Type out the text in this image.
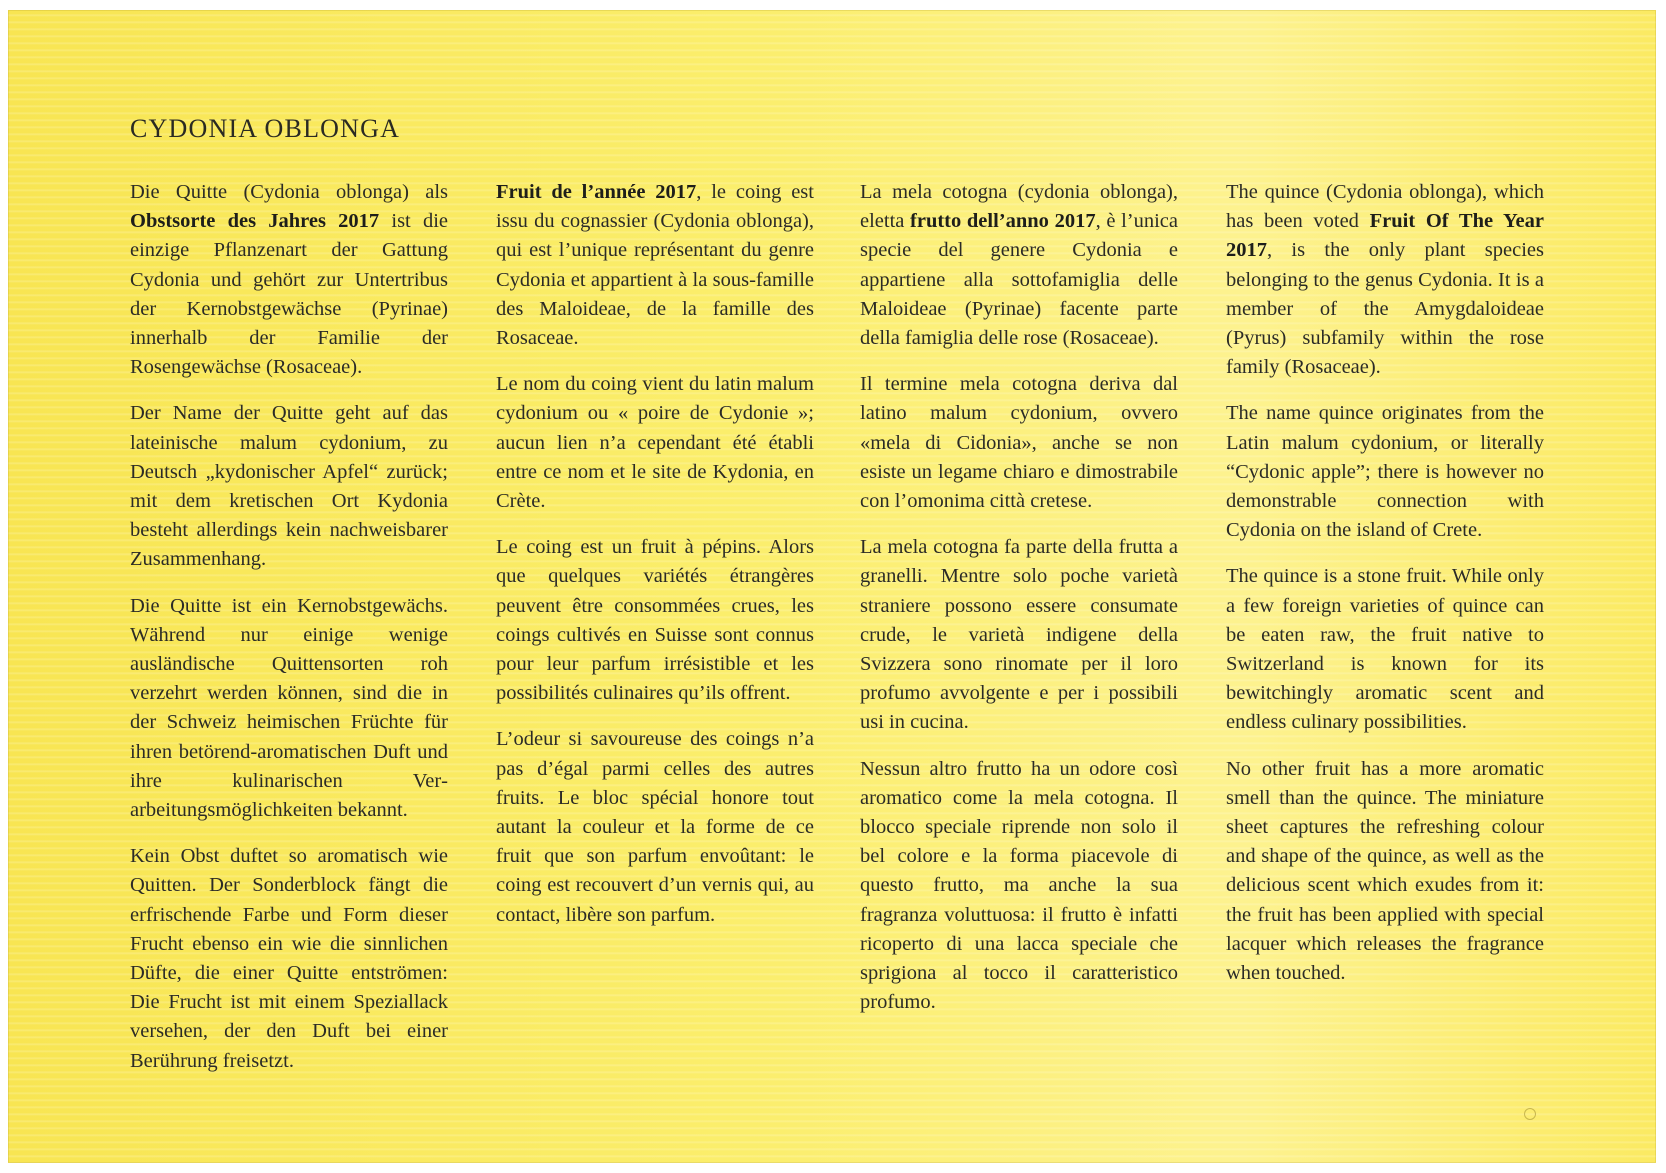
CYDONIA OBLONGA

Die Quitte (Cydonia oblonga) als Obstsorte des Jahres 2017 ist die einzige Pflanzenart der Gattung Cydonia und gehört zur Untertribus der Kernobstgewächse (Pyrinae) innerhalb der Familie der Rosengewächse (Rosaceae).

Der Name der Quitte geht auf das lateinische malum cydonium, zu Deutsch „kydonischer Apfel“ zurück; mit dem kretischen Ort Kydonia besteht allerdings kein nachweisbarer Zusammenhang.

Die Quitte ist ein Kernobstgewächs. Während nur einige wenige ausländische Quittensorten roh verzehrt werden können, sind die in der Schweiz heimischen Früchte für ihren betörend-aromatischen Duft und ihre kulinarischen Verarbeitungsmöglichkeiten bekannt.

Kein Obst duftet so aromatisch wie Quitten. Der Sonderblock fängt die erfrischende Farbe und Form dieser Frucht ebenso ein wie die sinnlichen Düfte, die einer Quitte entströmen: Die Frucht ist mit einem Speziallack versehen, der den Duft bei einer Berührung freisetzt.

Fruit de l’année 2017, le coing est issu du cognassier (Cydonia oblonga), qui est l’unique représentant du genre Cydonia et appartient à la sous-famille des Maloideae, de la famille des Rosaceae.

Le nom du coing vient du latin malum cydonium ou « poire de Cydonie »; aucun lien n’a cependant été établi entre ce nom et le site de Kydonia, en Crète.

Le coing est un fruit à pépins. Alors que quelques variétés étrangères peuvent être consommées crues, les coings cultivés en Suisse sont connus pour leur parfum irrésistible et les possibilités culinaires qu’ils offrent.

L’odeur si savoureuse des coings n’a pas d’égal parmi celles des autres fruits. Le bloc spécial honore tout autant la couleur et la forme de ce fruit que son parfum envoûtant: le coing est recouvert d’un vernis qui, au contact, libère son parfum.

La mela cotogna (cydonia oblonga), eletta frutto dell’anno 2017, è l’unica specie del genere Cydonia e appartiene alla sottofamiglia delle Maloideae (Pyrinae) facente parte della famiglia delle rose (Rosaceae).

Il termine mela cotogna deriva dal latino malum cydonium, ovvero «mela di Cidonia», anche se non esiste un legame chiaro e dimostrabile con l’omonima città cretese.

La mela cotogna fa parte della frutta a granelli. Mentre solo poche varietà straniere possono essere consumate crude, le varietà indigene della Svizzera sono rinomate per il loro profumo avvolgente e per i possibili usi in cucina.

Nessun altro frutto ha un odore così aromatico come la mela cotogna. Il blocco speciale riprende non solo il bel colore e la forma piacevole di questo frutto, ma anche la sua fragranza voluttuosa: il frutto è infatti ricoperto di una lacca speciale che sprigiona al tocco il caratteristico profumo.

The quince (Cydonia oblonga), which has been voted Fruit Of The Year 2017, is the only plant species belonging to the genus Cydonia. It is a member of the Amygdaloideae (Pyrus) subfamily within the rose family (Rosaceae).

The name quince originates from the Latin malum cydonium, or literally “Cydonic apple”; there is however no demonstrable connection with Cydonia on the island of Crete.

The quince is a stone fruit. While only a few foreign varieties of quince can be eaten raw, the fruit native to Switzerland is known for its bewitchingly aromatic scent and endless culinary possibilities.

No other fruit has a more aromatic smell than the quince. The miniature sheet captures the refreshing colour and shape of the quince, as well as the delicious scent which exudes from it: the fruit has been applied with special lacquer which releases the fragrance when touched.
